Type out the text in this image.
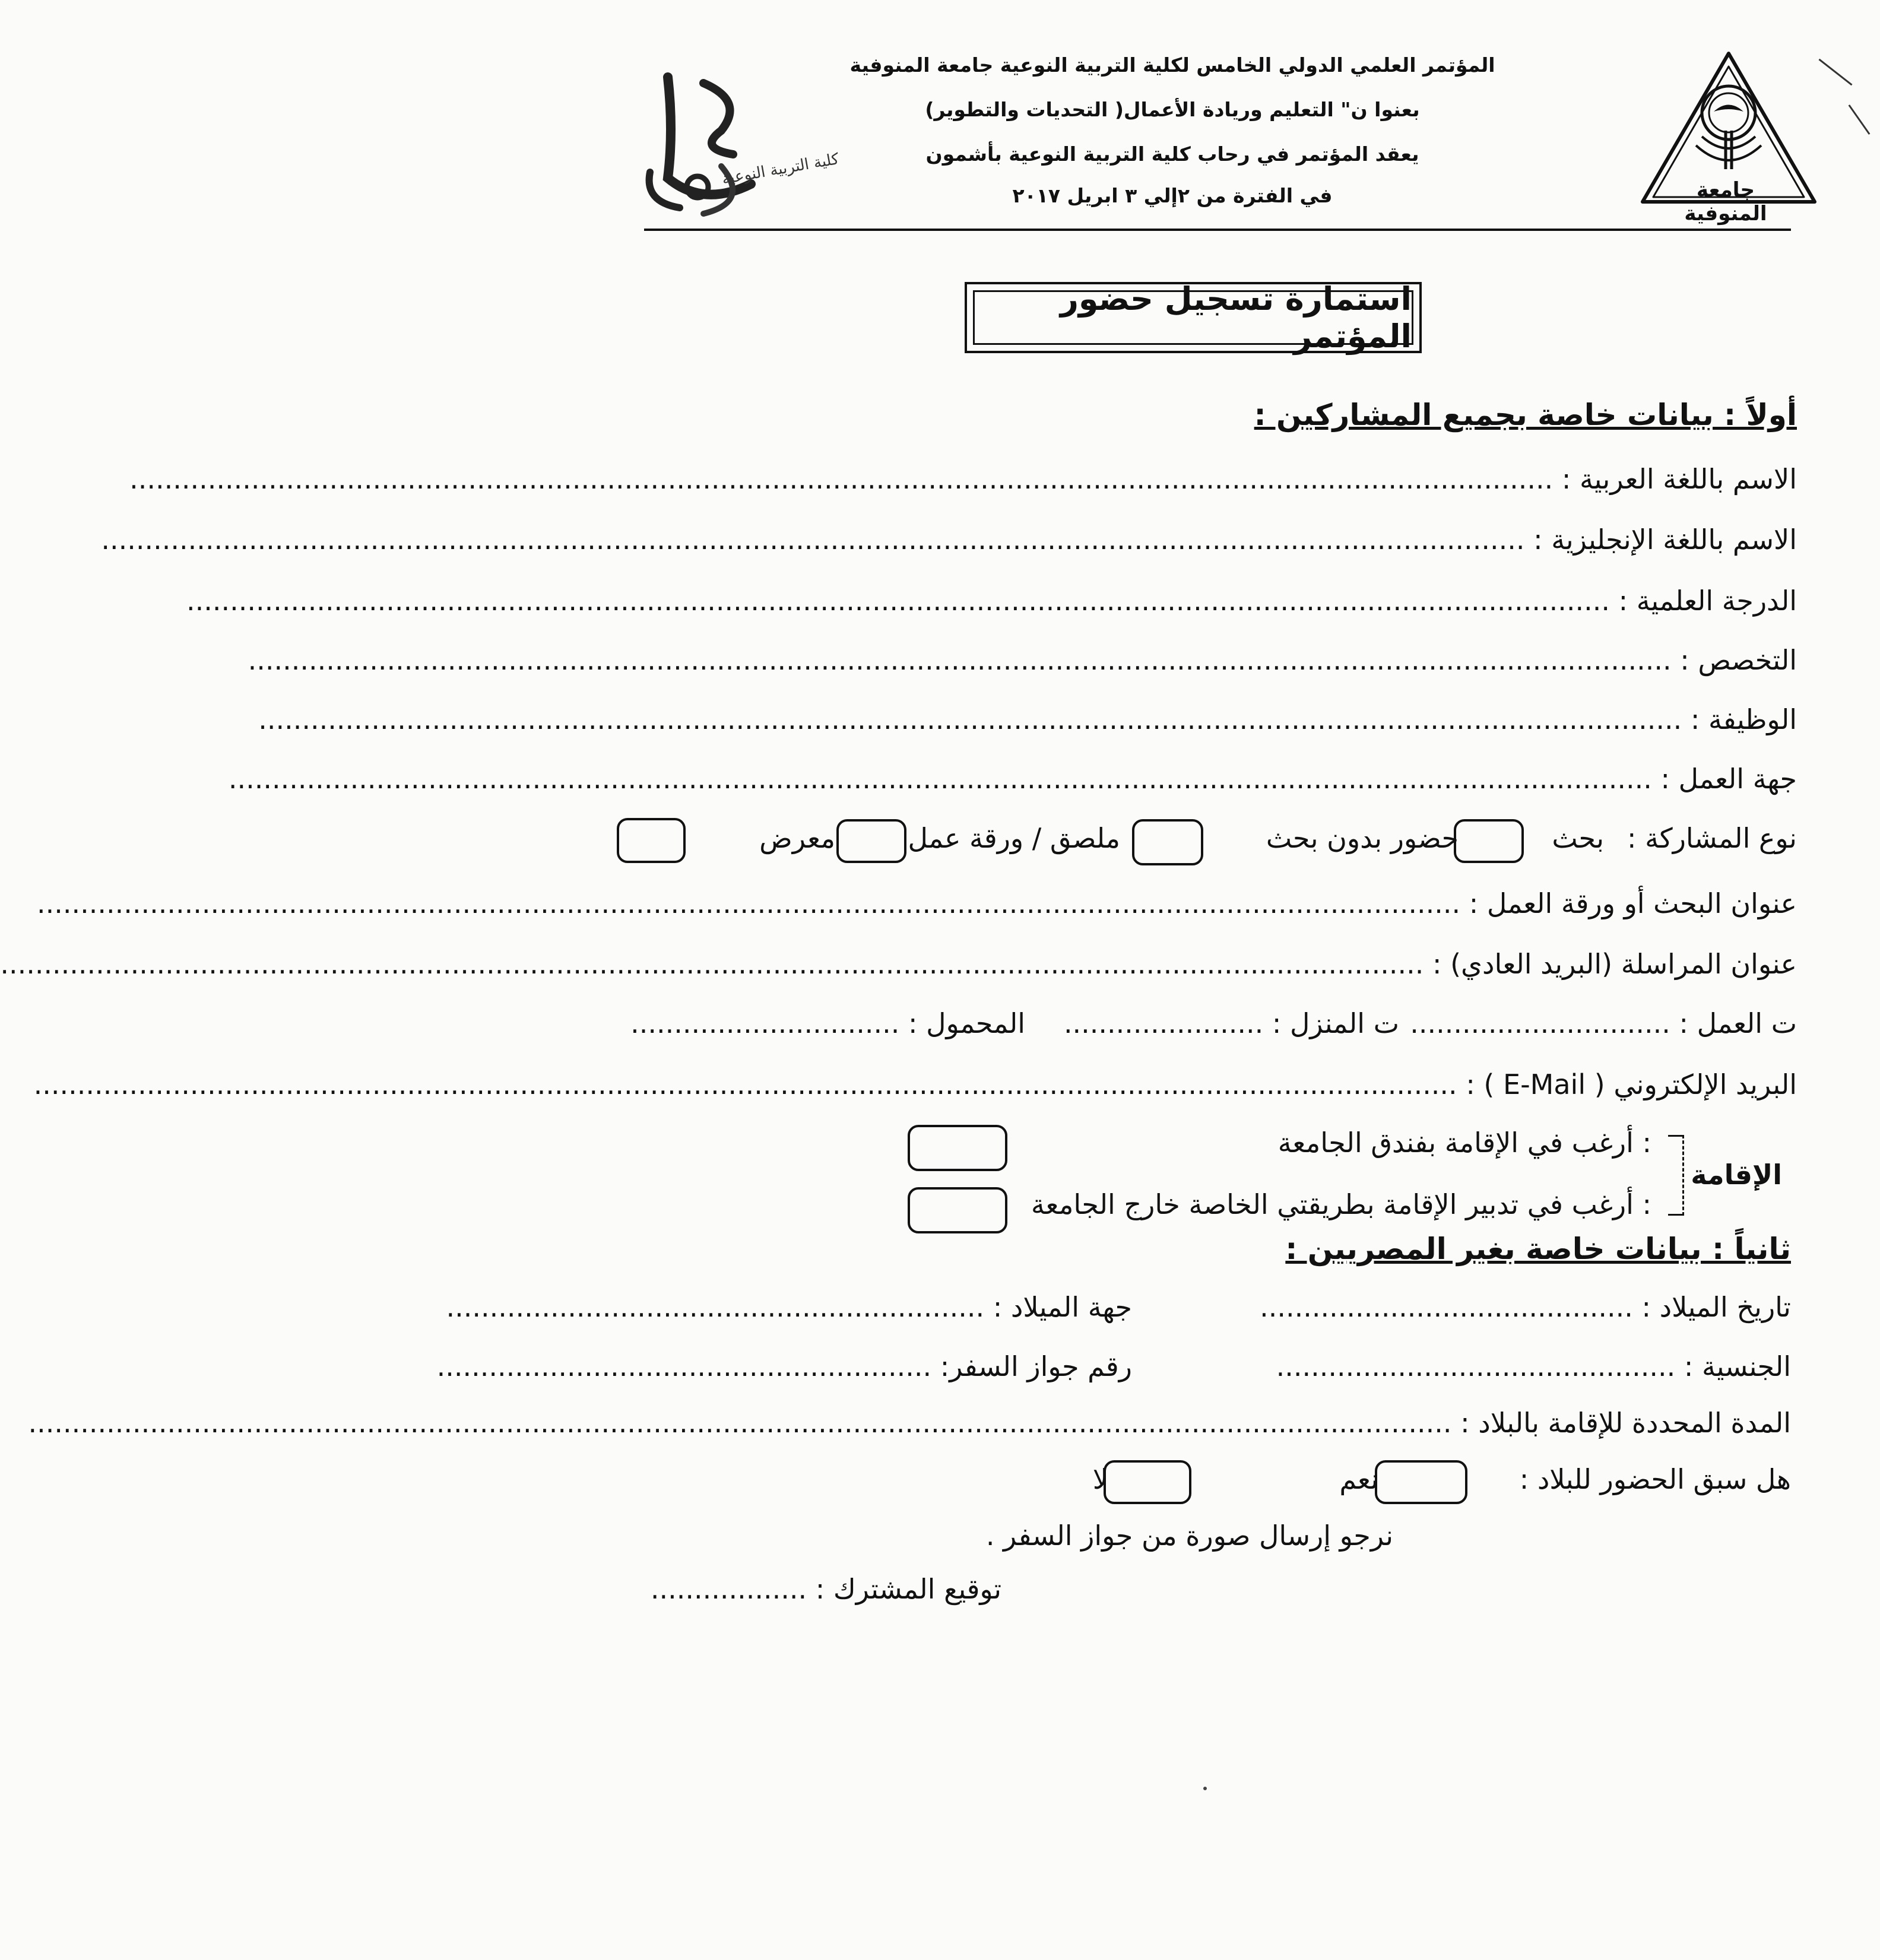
جامعة المنوفية
كلية التربية النوعية
المؤتمر العلمي الدولي الخامس لكلية التربية النوعية جامعة المنوفية
بعنوا ن" التعليم وريادة الأعمال( التحديات والتطوير)
يعقد المؤتمر في رحاب كلية التربية النوعية بأشمون
في الفترة من ٢إلي ٣ ابريل ٢٠١٧
استمارة تسجيل حضور المؤتمر
أولاً : بيانات خاصة بجميع المشاركين :
الاسم باللغة العربية : ....................................................................................................................................................................
الاسم باللغة الإنجليزية : ....................................................................................................................................................................
الدرجة العلمية : ....................................................................................................................................................................
التخصص : ....................................................................................................................................................................
الوظيفة : ....................................................................................................................................................................
جهة العمل : ....................................................................................................................................................................
نوع المشاركة :
بحث
حضور بدون بحث
ملصق / ورقة عمل
معرض
عنوان البحث أو ورقة العمل : ....................................................................................................................................................................
عنوان المراسلة (البريد العادي) : ....................................................................................................................................................................
ت العمل : ..............................
ت المنزل : .......................
المحمول : ...............................
البريد الإلكتروني ( E-Mail ) : ....................................................................................................................................................................
الإقامة
: أرغب في الإقامة بفندق الجامعة
: أرغب في تدبير الإقامة بطريقتي الخاصة خارج الجامعة
ثانياً : بيانات خاصة بغير المصريين :
تاريخ الميلاد : ...........................................
جهة الميلاد : ..............................................................
الجنسية : ..............................................
رقم جواز السفر: .........................................................
المدة المحددة للإقامة بالبلاد : ....................................................................................................................................................................
هل سبق الحضور للبلاد :
نعم
لا
نرجو إرسال صورة من جواز السفر .
توقيع المشترك : ..................
